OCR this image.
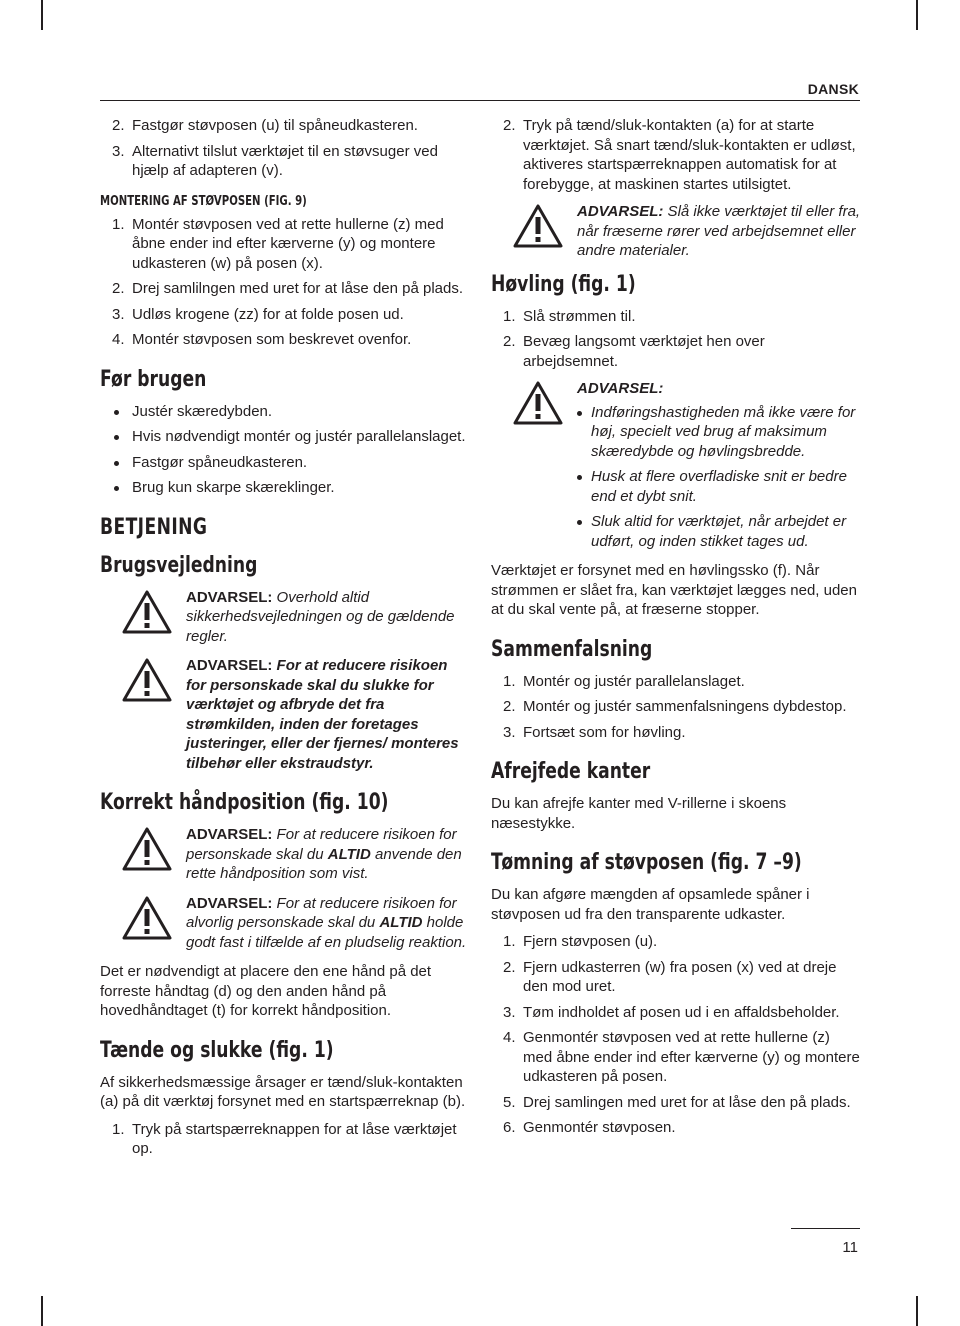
DANSK
2. Fastgør støvposen (u) til spåneudkasteren.
3. Alternativt tilslut værktøjet til en støvsuger ved hjælp af adapteren (v).
MONTERING AF STØVPOSEN (FIG. 9)
1. Montér støvposen ved at rette hullerne (z) med åbne ender ind efter kærverne (y) og montere udkasteren (w) på posen (x).
2. Drej samlilngen med uret for at låse den på plads.
3. Udløs krogene (zz) for at folde posen ud.
4. Montér støvposen som beskrevet ovenfor.
Før brugen
Justér skæredybden.
Hvis nødvendigt montér og justér parallelanslaget.
Fastgør spåneudkasteren.
Brug kun skarpe skæreklinger.
BETJENING
Brugsvejledning
ADVARSEL: Overhold altid sikkerhedsvejledningen og de gældende regler.
ADVARSEL: For at reducere risikoen for personskade skal du slukke for værktøjet og afbryde det fra strømkilden, inden der foretages justeringer, eller der fjernes/ monteres tilbehør eller ekstraudstyr.
Korrekt håndposition (fig. 10)
ADVARSEL: For at reducere risikoen for personskade skal du ALTID anvende den rette håndposition som vist.
ADVARSEL: For at reducere risikoen for alvorlig personskade skal du ALTID holde godt fast i tilfælde af en pludselig reaktion.

Det er nødvendigt at placere den ene hånd på det forreste håndtag (d) og den anden hånd på hovedhåndtaget (t) for korrekt håndposition.

Tænde og slukke (fig. 1)

Af sikkerhedsmæssige årsager er tænd/sluk-kontakten (a) på dit værktøj forsynet med en startspærreknap (b).

1. Tryk på startspærreknappen for at låse værktøjet op.
2. Tryk på tænd/sluk-kontakten (a) for at starte værktøjet. Så snart tænd/sluk-kontakten er udløst, aktiveres startspærreknappen automatisk for at forebygge, at maskinen startes utilsigtet.
ADVARSEL: Slå ikke værktøjet til eller fra, når fræserne rører ved arbejdsemnet eller andre materialer.
Høvling (fig. 1)
1. Slå strømmen til.
2. Bevæg langsomt værktøjet hen over arbejdsemnet.
ADVARSEL:
Indføringshastigheden må ikke være for høj, specielt ved brug af maksimum skæredybde og høvlingsbredde.
Husk at flere overfladiske snit er bedre end et dybt snit.
Sluk altid for værktøjet, når arbejdet er udført, og inden stikket tages ud.

Værktøjet er forsynet med en høvlingssko (f). Når strømmen er slået fra, kan værktøjet lægges ned, uden at du skal vente på, at fræserne stopper.

Sammenfalsning
1. Montér og justér parallelanslaget.
2. Montér og justér sammenfalsningens dybdestop.
3. Fortsæt som for høvling.
Afrejfede kanter

Du kan afrejfe kanter med V-rillerne i skoens næsestykke.

Tømning af støvposen (fig. 7 –9)

Du kan afgøre mængden af opsamlede spåner i støvposen ud fra den transparente udkaster.

1. Fjern støvposen (u).
2. Fjern udkasterren (w) fra posen (x) ved at dreje den mod uret.
3. Tøm indholdet af posen ud i en affaldsbeholder.
4. Genmontér støvposen ved at rette hullerne (z) med åbne ender ind efter kærverne (y) og montere udkasteren på posen.
5. Drej samlingen med uret for at låse den på plads.
6. Genmontér støvposen.
11
